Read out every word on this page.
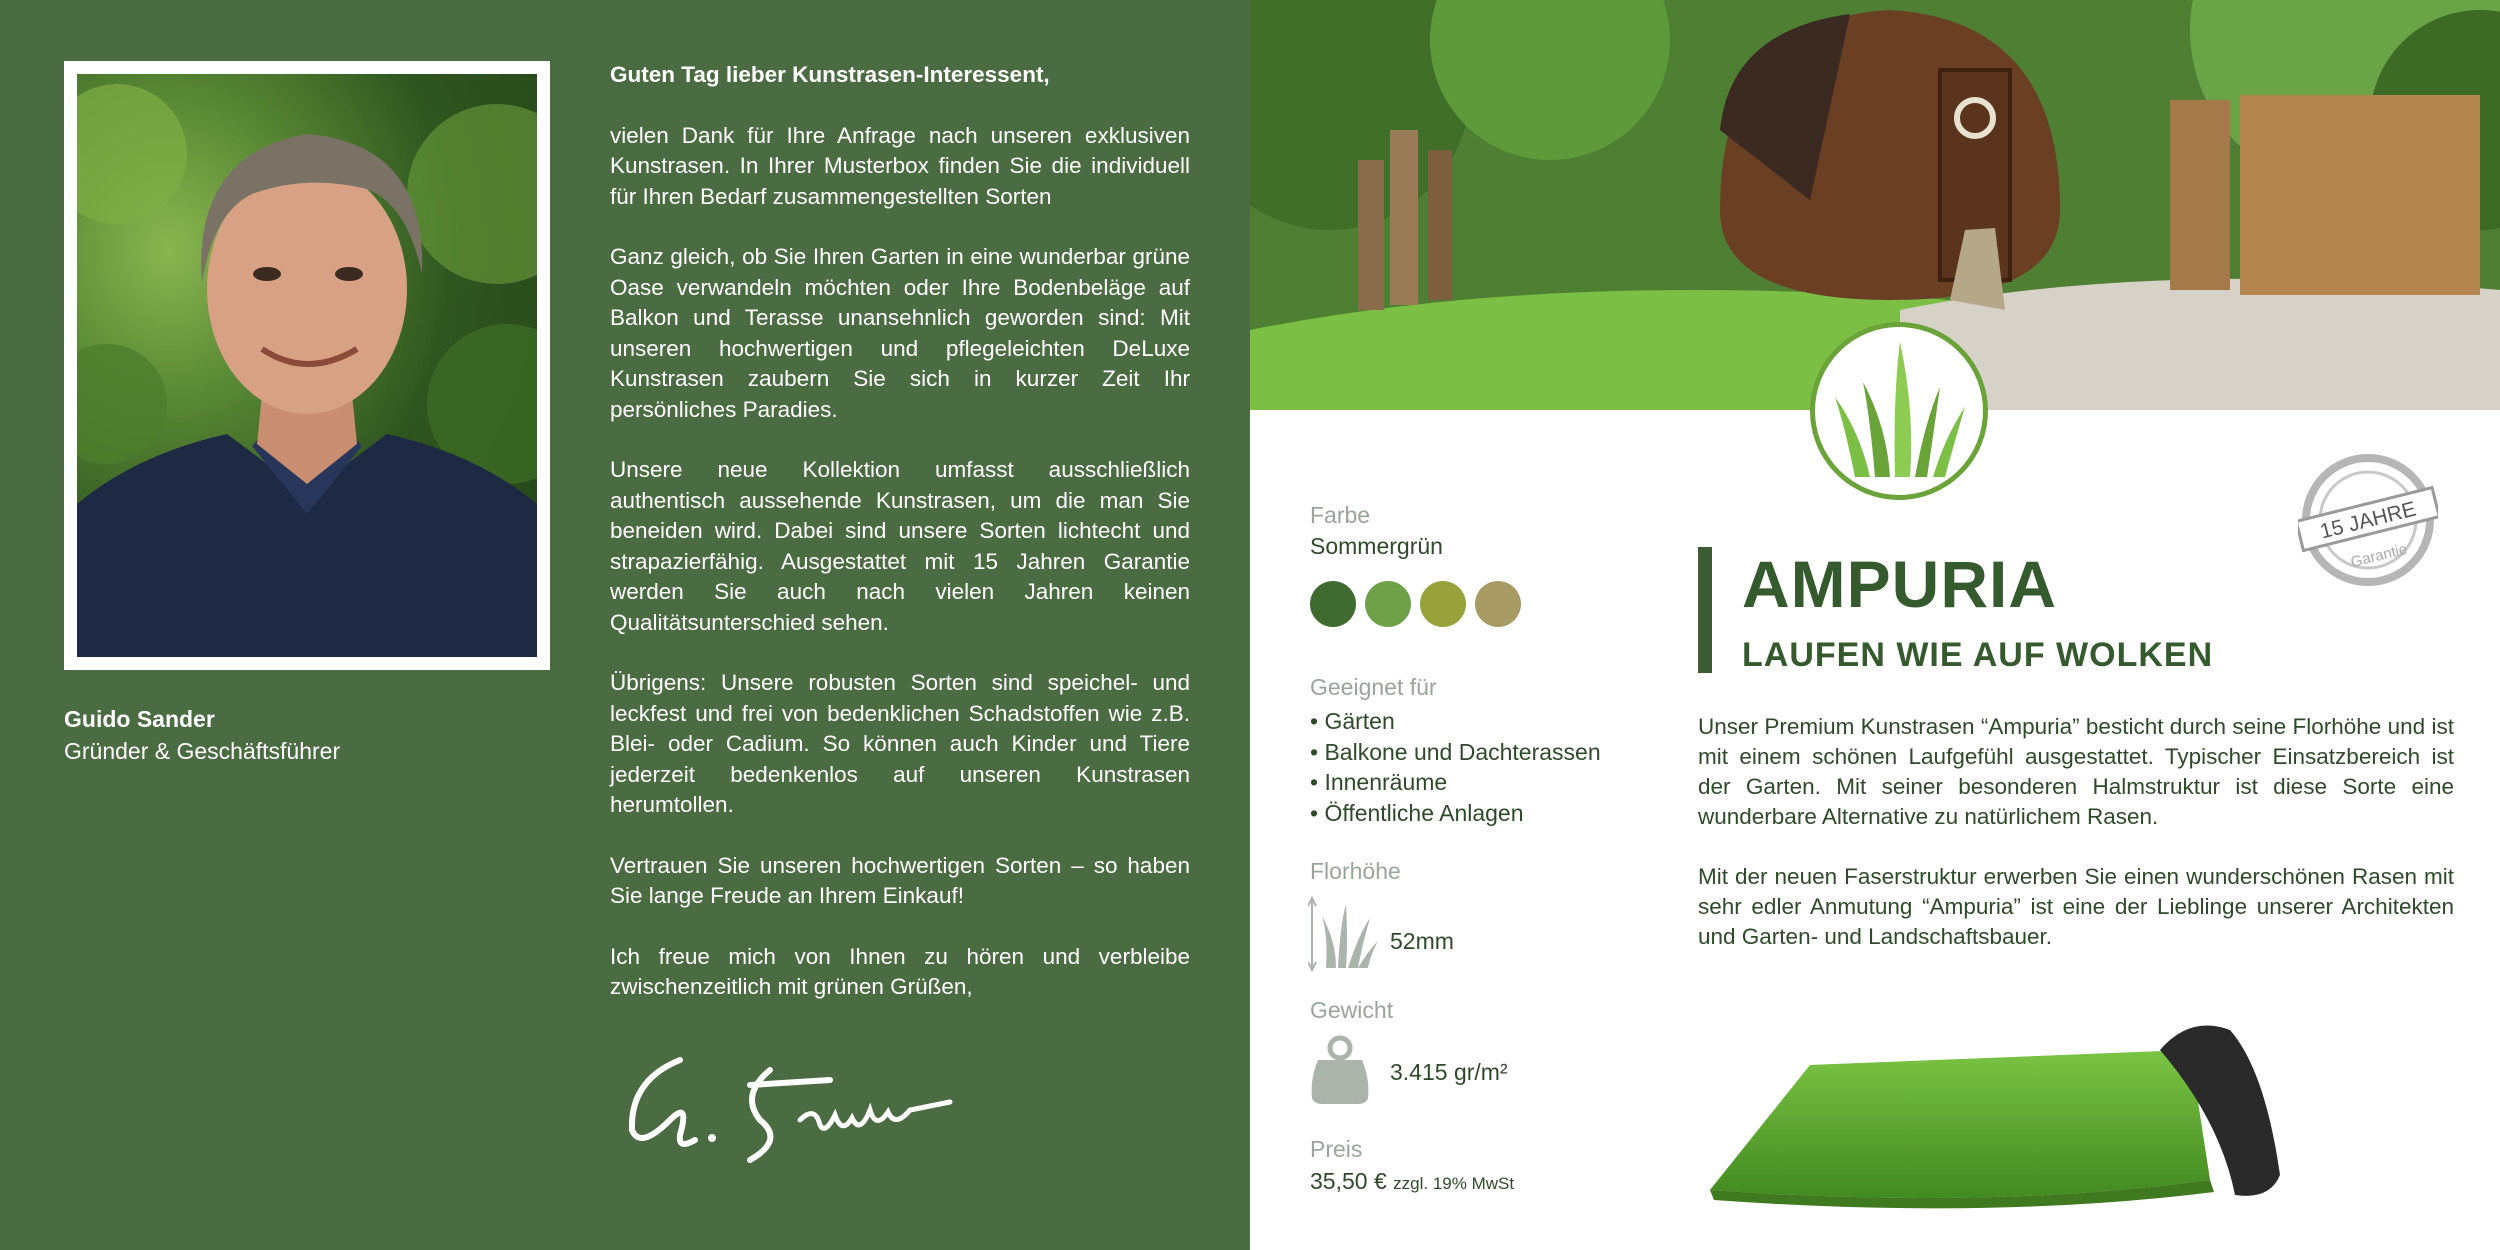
Guido Sander
Gründer & Geschäftsführer

Guten Tag lieber Kunstrasen-Interessent,

vielen Dank für Ihre Anfrage nach unseren exklusiven Kunstrasen. In Ihrer Musterbox finden Sie die individuell für Ihren Bedarf zusammengestellten Sorten

Ganz gleich, ob Sie Ihren Garten in eine wunderbar grüne Oase verwandeln möchten oder Ihre Bodenbeläge auf Balkon und Terasse unansehnlich geworden sind: Mit unseren hochwertigen und pflegeleichten DeLuxe Kunstrasen zaubern Sie sich in kurzer Zeit Ihr persönliches Paradies.

Unsere neue Kollektion umfasst ausschließlich authentisch aussehende Kunstrasen, um die man Sie beneiden wird. Dabei sind unsere Sorten lichtecht und strapazierfähig. Ausgestattet mit 15 Jahren Garantie werden Sie auch nach vielen Jahren keinen Qualitätsunterschied sehen.

Übrigens: Unsere robusten Sorten sind speichel- und leckfest und frei von bedenklichen Schadstoffen wie z.B. Blei- oder Cadium. So können auch Kinder und Tiere jederzeit bedenkenlos auf unseren Kunstrasen herumtollen.

Vertrauen Sie unseren hochwertigen Sorten – so haben Sie lange Freude an Ihrem Einkauf!

Ich freue mich von Ihnen zu hören und verbleibe zwischenzeitlich mit grünen Grüßen,

15 JAHRE
Garantie
Farbe
Sommergrün
Geeignet für
• Gärten
• Balkone und Dachterassen
• Innenräume
• Öffentliche Anlagen
Florhöhe
52mm
Gewicht
3.415 gr/m²
Preis
35,50 € zzgl. 19% MwSt
AMPURIA
LAUFEN WIE AUF WOLKEN

Unser Premium Kunstrasen “Ampuria” besticht durch seine Florhöhe und ist mit einem schönen Laufgefühl ausgestattet. Typischer Einsatzbereich ist der Garten. Mit seiner besonderen Halmstruktur ist diese Sorte eine wunderbare Alternative zu natürlichem Rasen.

Mit der neuen Faserstruktur erwerben Sie einen wunderschönen Rasen mit sehr edler Anmutung “Ampuria” ist eine der Lieblinge unserer Architekten und Garten- und Landschaftsbauer.
